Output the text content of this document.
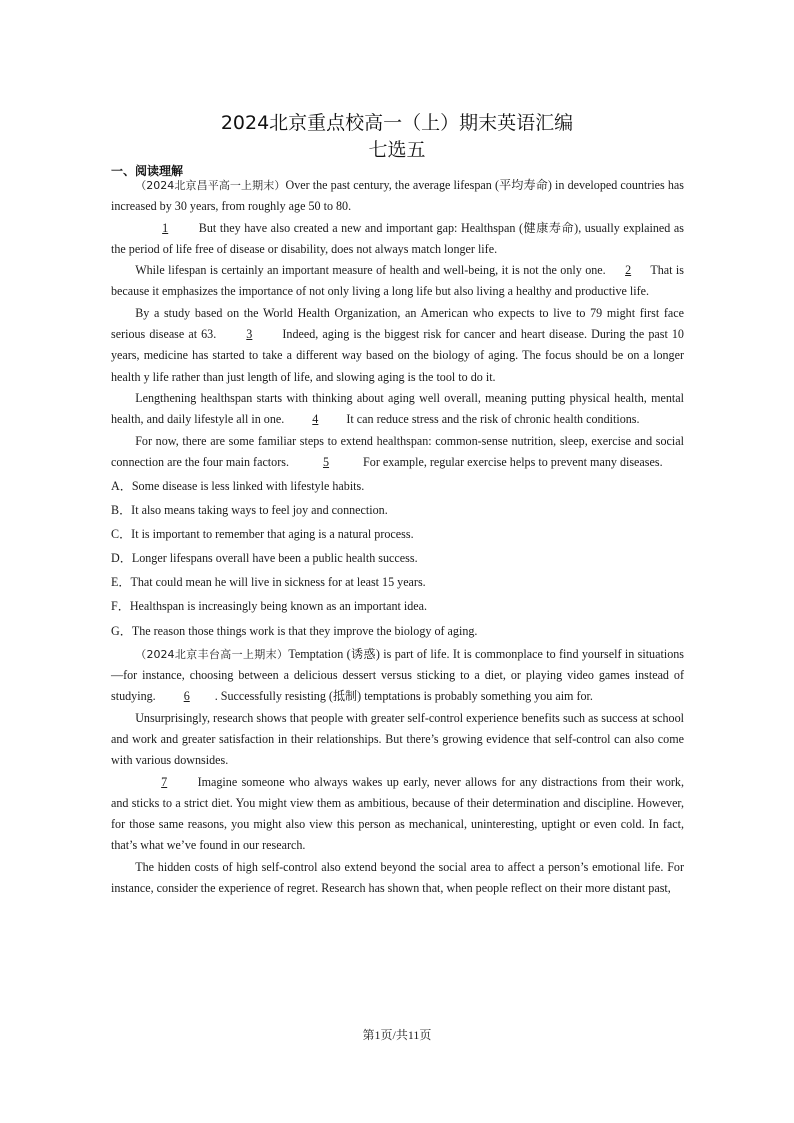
2024北京重点校高一（上）期末英语汇编
七选五
一、阅读理解

（2024北京昌平高一上期末）Over the past century, the average lifespan (平均寿命) in developed countries has increased by 30 years, from roughly age 50 to 80.

1	But they have also created a new and important gap: Healthspan (健康寿命), usually explained as the period of life free of disease or disability, does not always match longer life.

While lifespan is certainly an important measure of health and well-being, it is not the only one. 2 That is because it emphasizes the importance of not only living a long life but also living a healthy and productive life.

By a study based on the World Health Organization, an American who expects to live to 79 might first face serious disease at 63. 3 Indeed, aging is the biggest risk for cancer and heart disease. During the past 10 years, medicine has started to take a different way based on the biology of aging. The focus should be on a longer health y life rather than just length of life, and slowing aging is the tool to do it.

Lengthening healthspan starts with thinking about aging well overall, meaning putting physical health, mental health, and daily lifestyle all in one. 4 It can reduce stress and the risk of chronic health conditions.

For now, there are some familiar steps to extend healthspan: common-sense nutrition, sleep, exercise and social connection are the four main factors.	5	For example, regular exercise helps to prevent many diseases.

A．Some disease is less linked with lifestyle habits.

B．It also means taking ways to feel joy and connection.

C．It is important to remember that aging is a natural process.

D．Longer lifespans overall have been a public health success.

E．That could mean he will live in sickness for at least 15 years.

F．Healthspan is increasingly being known as an important idea.

G．The reason those things work is that they improve the biology of aging.

（2024北京丰台高一上期末）Temptation (诱惑) is part of life. It is commonplace to find yourself in situations—for instance, choosing between a delicious dessert versus sticking to a diet, or playing video games instead of studying. 6 . Successfully resisting (抵制) temptations is probably something you aim for.

Unsurprisingly, research shows that people with greater self-control experience benefits such as success at school and work and greater satisfaction in their relationships. But there’s growing evidence that self-control can also come with various downsides.

7	Imagine someone who always wakes up early, never allows for any distractions from their work, and sticks to a strict diet. You might view them as ambitious, because of their determination and discipline. However, for those same reasons, you might also view this person as mechanical, uninteresting, uptight or even cold. In fact, that’s what we’ve found in our research.

The hidden costs of high self-control also extend beyond the social area to affect a person’s emotional life. For instance, consider the experience of regret. Research has shown that, when people reflect on their more distant past,

第1页/共11页
